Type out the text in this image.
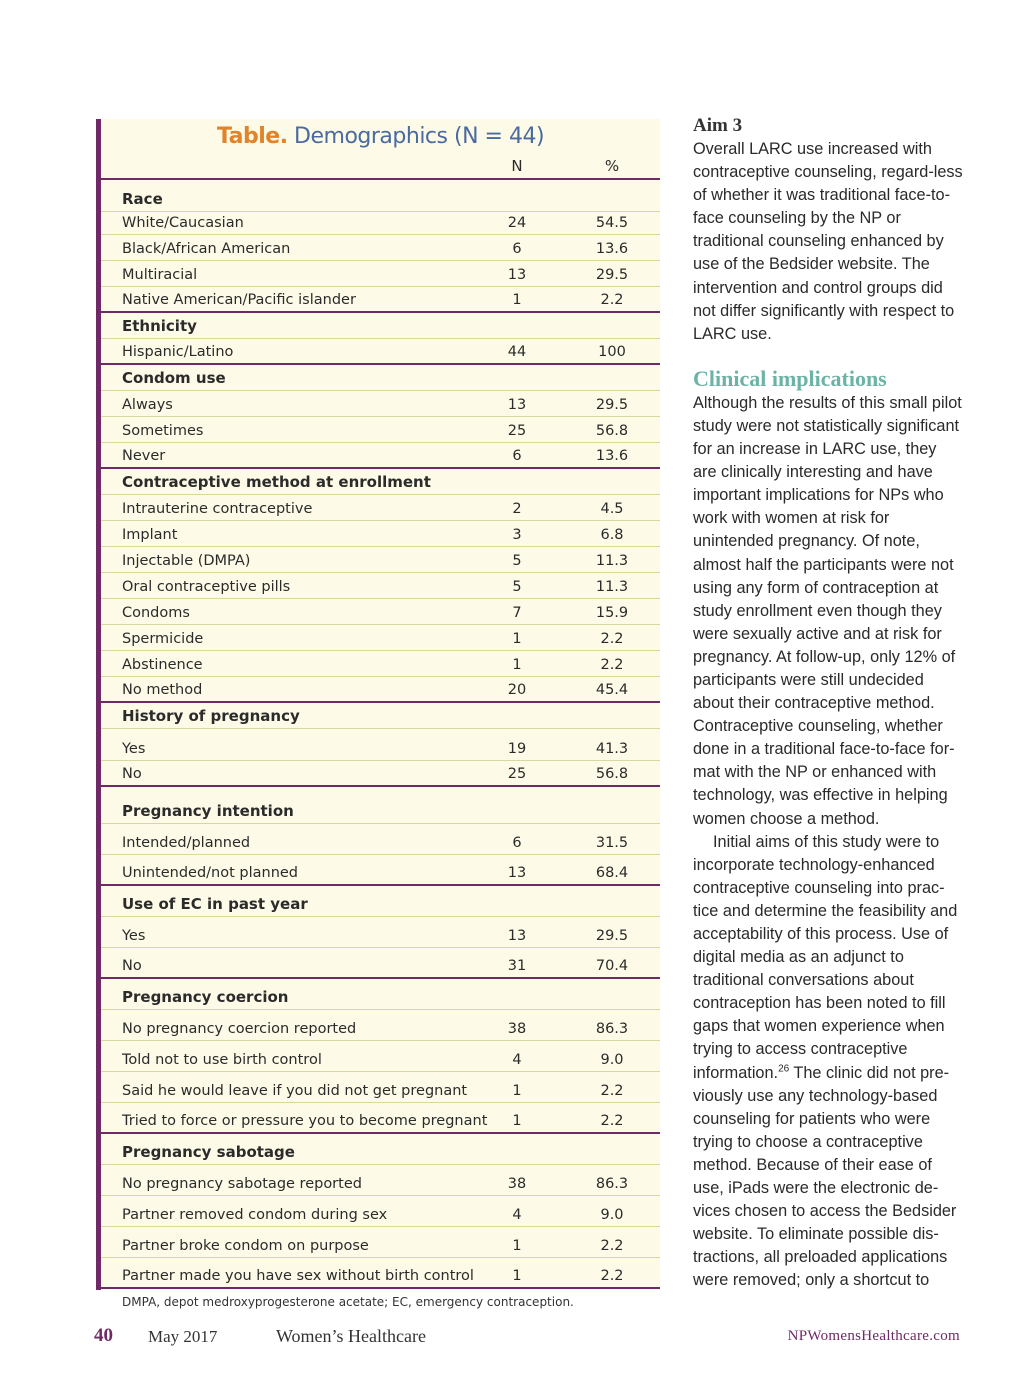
Table. Demographics (N = 44)
N	%
Race
White/Caucasian	24	54.5
Black/African American	6	13.6
Multiracial	13	29.5
Native American/Pacific islander	1	2.2
Ethnicity
Hispanic/Latino	44	100
Condom use
Always	13	29.5
Sometimes	25	56.8
Never	6	13.6
Contraceptive method at enrollment
Intrauterine contraceptive	2	4.5
Implant	3	6.8
Injectable (DMPA)	5	11.3
Oral contraceptive pills	5	11.3
Condoms	7	15.9
Spermicide	1	2.2
Abstinence	1	2.2
No method	20	45.4
History of pregnancy
Yes	19	41.3
No	25	56.8
Pregnancy intention
Intended/planned	6	31.5
Unintended/not planned	13	68.4
Use of EC in past year
Yes	13	29.5
No	31	70.4
Pregnancy coercion
No pregnancy coercion reported	38	86.3
Told not to use birth control	4	9.0
Said he would leave if you did not get pregnant	1	2.2
Tried to force or pressure you to become pregnant	1	2.2
Pregnancy sabotage
No pregnancy sabotage reported	38	86.3
Partner removed condom during sex	4	9.0
Partner broke condom on purpose	1	2.2
Partner made you have sex without birth control	1	2.2
DMPA, depot medroxyprogesterone acetate; EC, emergency contraception.
Aim 3

Overall LARC use increased with contraceptive counseling, regard-less of whether it was traditional face-to-face counseling by the NP or traditional counseling enhanced by use of the Bedsider website. The intervention and control groups did not differ significantly with respect to LARC use.

Clinical implications

Although the results of this small pilot study were not statistically significant for an increase in LARC use, they are clinically interesting and have important implications for NPs who work with women at risk for unintended pregnancy. Of note, almost half the participants were not using any form of contraception at study enrollment even though they were sexually active and at risk for pregnancy. At follow-up, only 12% of participants were still undecided about their contraceptive method. Contraceptive counseling, whether done in a traditional face-to-face for-mat with the NP or enhanced with technology, was effective in helping women choose a method.

Initial aims of this study were to incorporate technology-enhanced contraceptive counseling into prac-tice and determine the feasibility and acceptability of this process. Use of digital media as an adjunct to traditional conversations about contraception has been noted to fill gaps that women experience when trying to access contraceptive information.$^{26}$ The clinic did not pre-viously use any technology-based counseling for patients who were trying to choose a contraceptive method. Because of their ease of use, iPads were the electronic de-vices chosen to access the Bedsider website. To eliminate possible dis-tractions, all preloaded applications were removed; only a shortcut to

40 May 2017	Women’s Healthcare	NPWomensHealthcare.com
